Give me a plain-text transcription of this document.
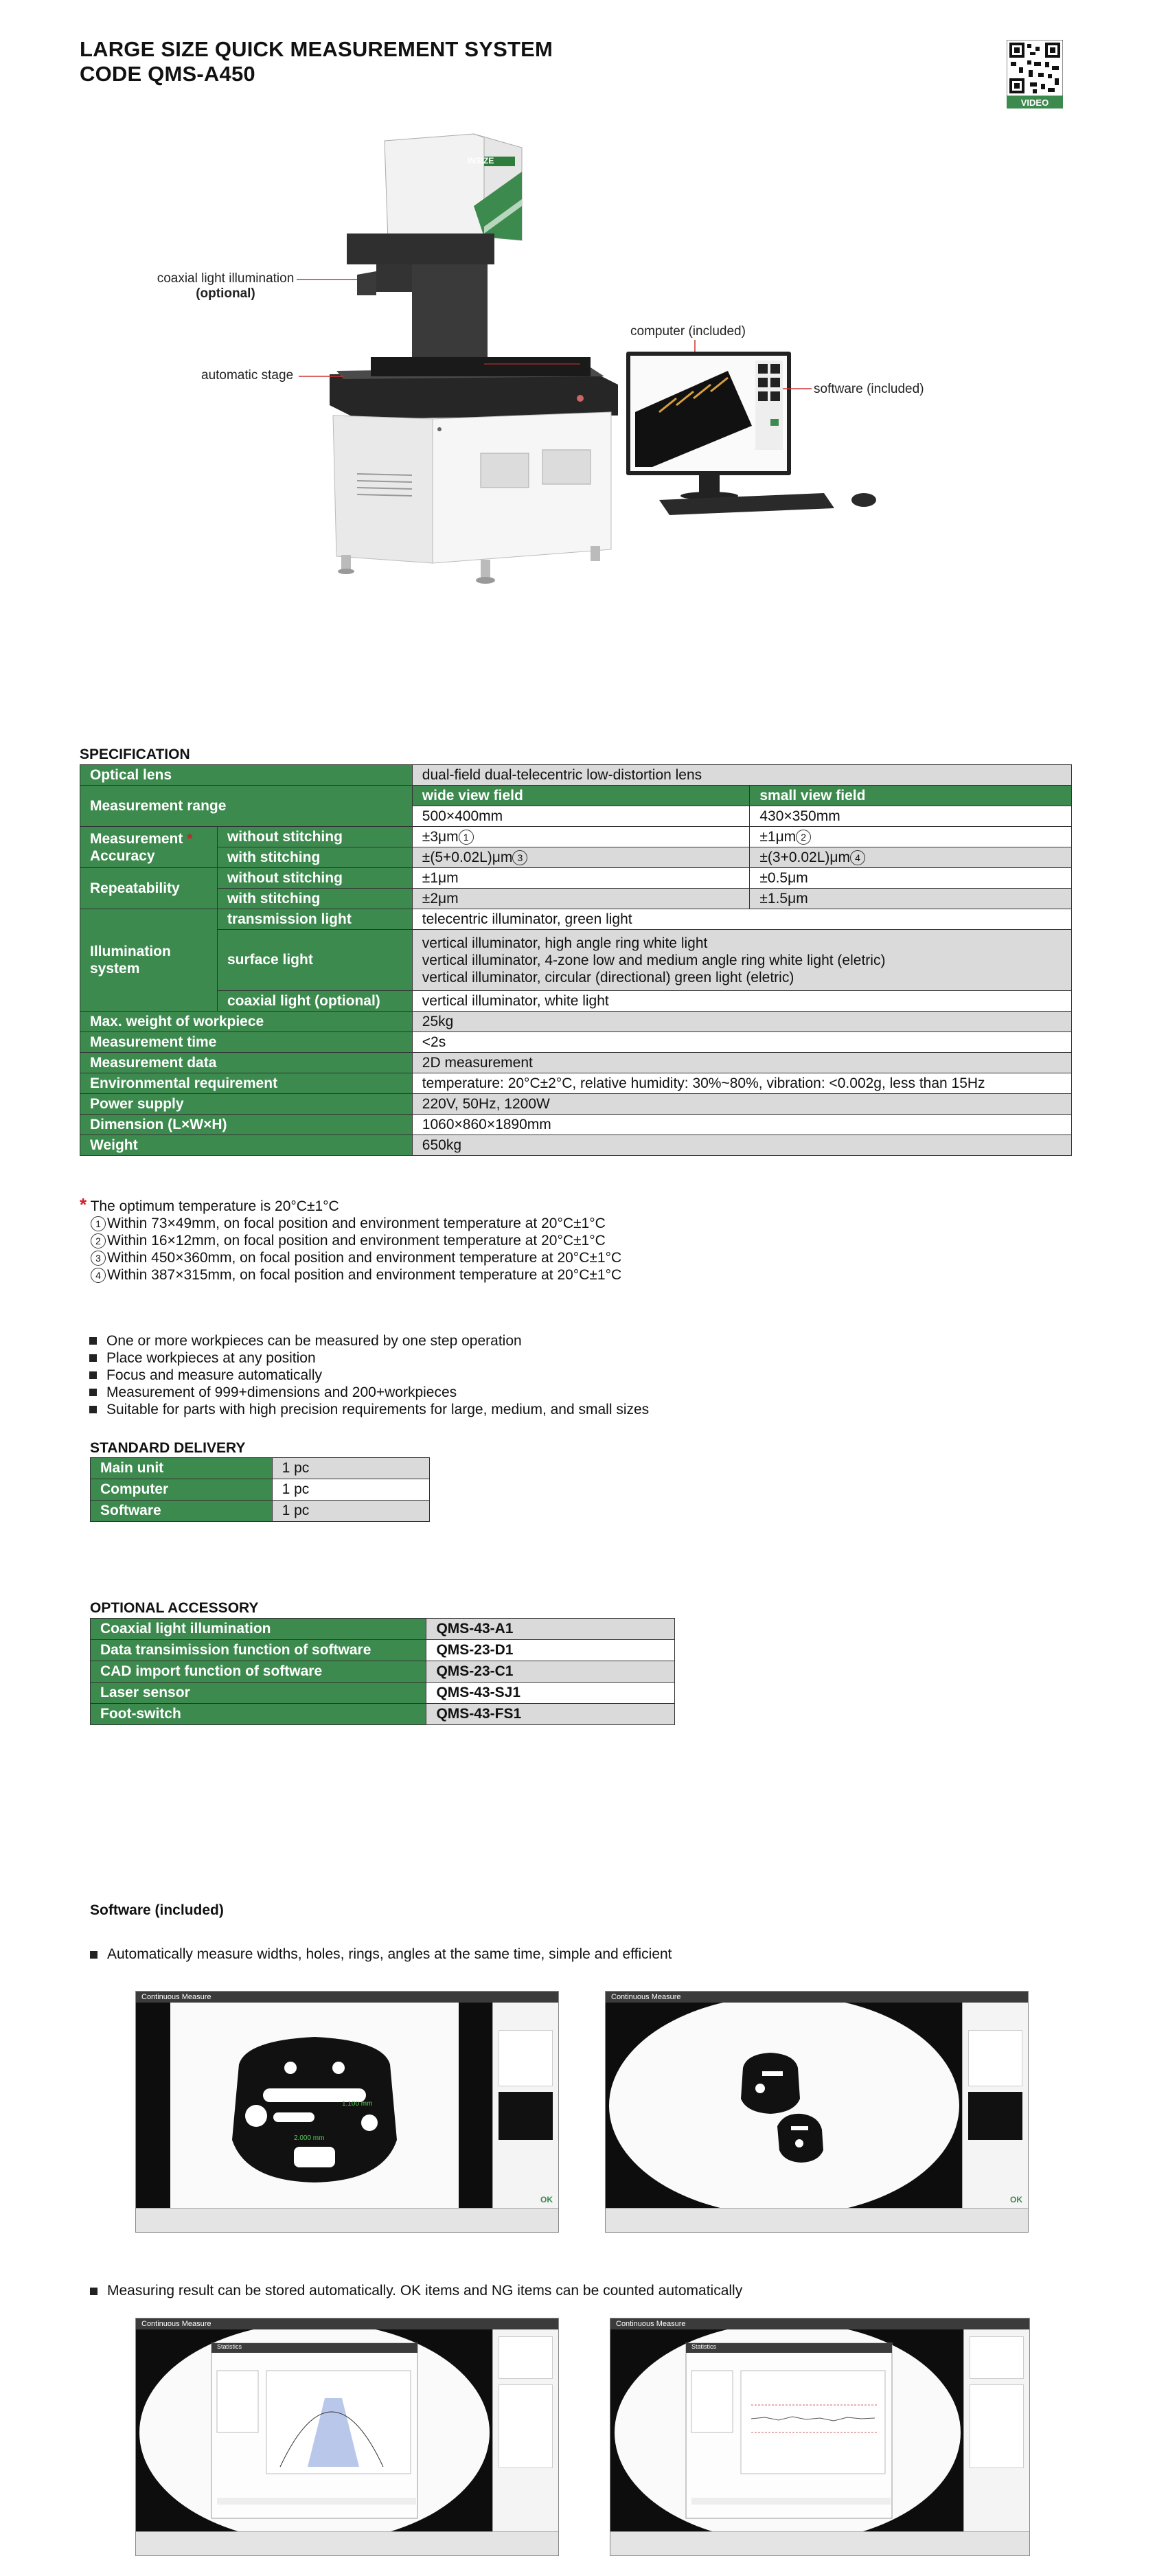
LARGE SIZE QUICK MEASUREMENT SYSTEM
CODE QMS-A450
VIDEO
INSIZE
coaxial light illumination
(optional)
automatic stage
computer (included)
software (included)
SPECIFICATION
Optical lens		dual-field dual-telecentric low-distortion lens	
Measurement range		wide view field	small view field
		500×400mm	430×350mm

Measurement *
Accuracy	without stitching	±3μm 1	±1μm 2
	with stitching	±(5+0.02L)μm 3	±(3+0.02L)μm 4
Repeatability	without stitching	±1μm	±0.5μm
	with stitching	±2μm	±1.5μm

Illumination
system	transmission light	telecentric illuminator, green light	
	surface light	vertical illuminator, high angle ring white light
vertical illuminator, 4-zone low and medium angle ring white light (eletric)
vertical illuminator, circular (directional) green light (eletric)	

	coaxial light (optional)	vertical illuminator, white light	
Max. weight of workpiece		25kg	
Measurement time		<2s	
Measurement data		2D measurement	
Environmental requirement		temperature: 20°C±2°C, relative humidity: 30%~80%, vibration: <0.002g, less than 15Hz	
Power supply		220V, 50Hz, 1200W	
Dimension (L×W×H)		1060×860×1890mm	
Weight		650kg	
* The optimum temperature is 20°C±1°C
1 Within 73×49mm, on focal position and environment temperature at 20°C±1°C
2 Within 16×12mm, on focal position and environment temperature at 20°C±1°C
3 Within 450×360mm, on focal position and environment temperature at 20°C±1°C
4 Within 387×315mm, on focal position and environment temperature at 20°C±1°C
One or more workpieces can be measured by one step operation
Place workpieces at any position
Focus and measure automatically
Measurement of 999+dimensions and 200+workpieces
Suitable for parts with high precision requirements for large, medium, and small sizes
STANDARD DELIVERY
Main unit	1 pc
Computer	1 pc
Software	1 pc
OPTIONAL ACCESSORY
Coaxial light illumination	QMS-43-A1
Data transimission function of software	QMS-23-D1
CAD import function of software	QMS-23-C1
Laser sensor	QMS-43-SJ1
Foot-switch	QMS-43-FS1
Software (included)
Automatically measure widths, holes, rings, angles at the same time, simple and efficient
Continuous Measure
1.100 mm
2.000 mm
OK
Continuous Measure
OK
Measuring result can be stored automatically. OK items and NG items can be counted automatically
Continuous Measure
Statistics
Continuous Measure
Statistics
